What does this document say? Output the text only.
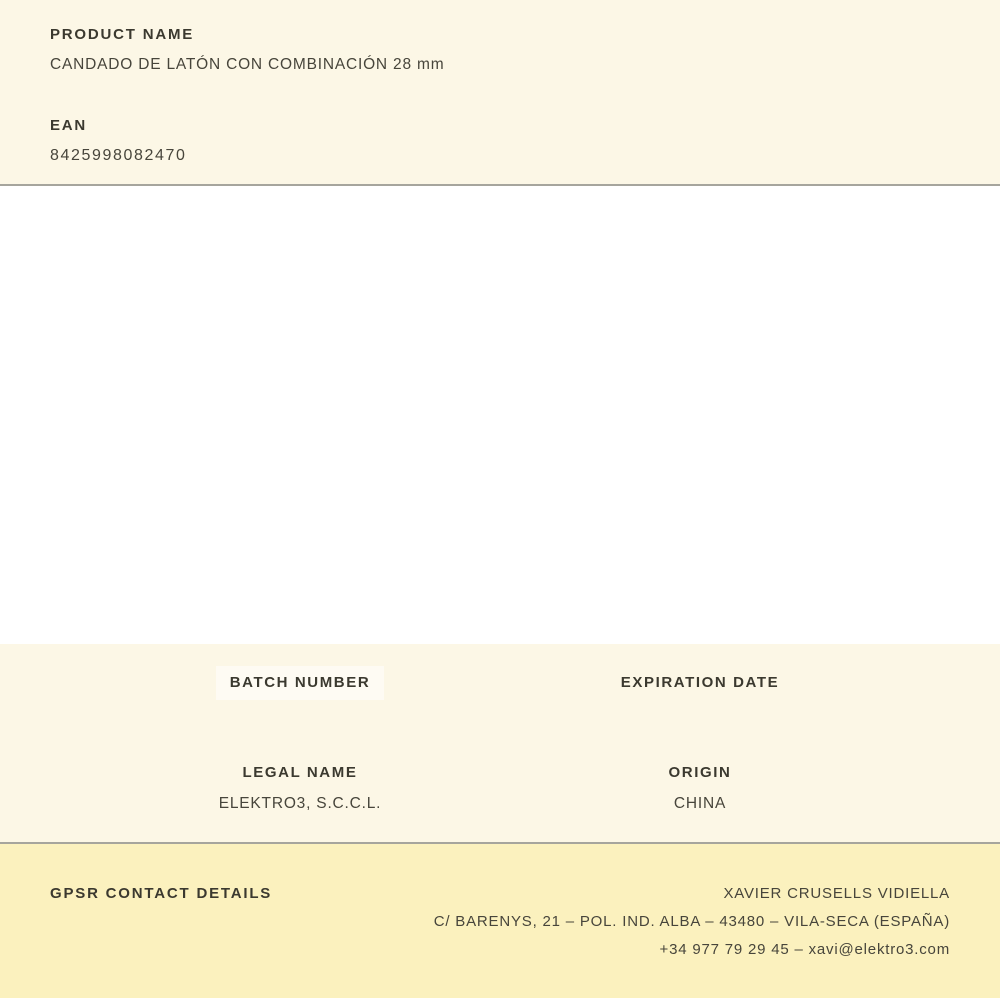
PRODUCT NAME
CANDADO DE LATÓN CON COMBINACIÓN 28 mm
EAN
8425998082470
BATCH NUMBER	EXPIRATION DATE
LEGAL NAME
ELEKTRO3, S.C.C.L.
ORIGIN
CHINA
GPSR CONTACT DETAILS	XAVIER CRUSELLS VIDIELLA
C/ BARENYS, 21 – POL. IND. ALBA – 43480 – VILA-SECA (ESPAÑA)
+34 977 79 29 45 – xavi@elektro3.com
